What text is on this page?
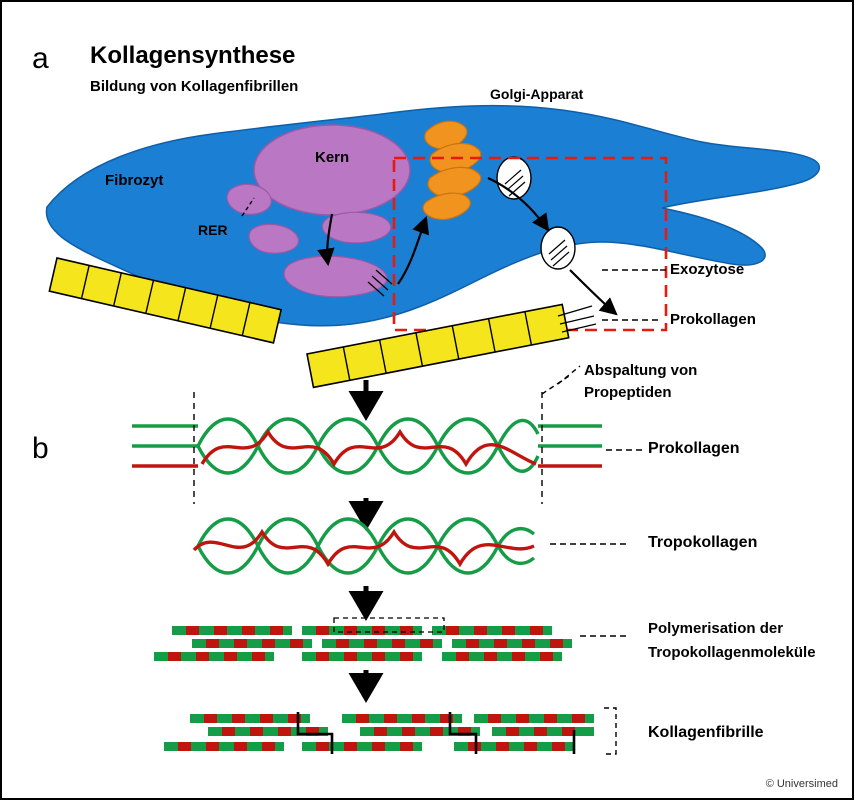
a
b
Kollagensynthese
Bildung von Kollagenfibrillen	Golgi-Apparat
Kern
Fibrozyt
RER
Exozytose
Prokollagen
Abspaltung von
Propeptiden
Prokollagen
Tropokollagen
Polymerisation der
Tropokollagenmoleküle
Kollagenfibrille
© Universimed
